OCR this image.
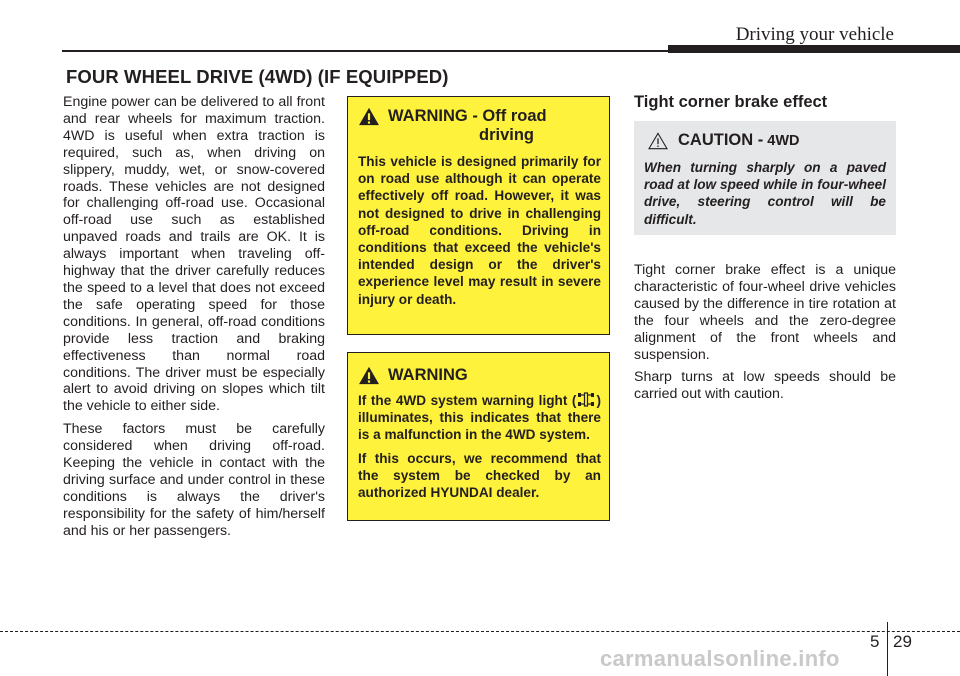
Driving your vehicle
FOUR WHEEL DRIVE (4WD) (IF EQUIPPED)

Engine power can be delivered to all front and rear wheels for maximum traction. 4WD is useful when extra traction is required, such as, when driving on slippery, muddy, wet, or snow-covered roads. These vehicles are not designed for challenging off-road use. Occasional off-road use such as established unpaved roads and trails are OK. It is always important when traveling off-highway that the driver carefully reduces the speed to a level that does not exceed the safe operating speed for those conditions. In general, off-road conditions provide less traction and braking effectiveness than normal road conditions. The driver must be especially alert to avoid driving on slopes which tilt the vehicle to either side.

These factors must be carefully considered when driving off-road. Keeping the vehicle in contact with the driving surface and under control in these conditions is always the driver's responsibility for the safety of him/herself and his or her passengers.

WARNING - Off road
driving
This vehicle is designed primarily for on road use although it can operate effectively off road. However, it was not designed to drive in challenging off-road conditions. Driving in conditions that exceed the vehicle's intended design or the driver's experience level may result in severe injury or death.
WARNING

If the 4WD system warning light ( ) illuminates, this indicates that there is a malfunction in the 4WD system.

If this occurs, we recommend that the system be checked by an authorized HYUNDAI dealer.

Tight corner brake effect
CAUTION - 4WD
When turning sharply on a paved road at low speed while in four-wheel drive, steering control will be difficult.

Tight corner brake effect is a unique characteristic of four-wheel drive vehicles caused by the difference in tire rotation at the four wheels and the zero-degree alignment of the front wheels and suspension.

Sharp turns at low speeds should be carried out with caution.

5 29
carmanualsonline.info
